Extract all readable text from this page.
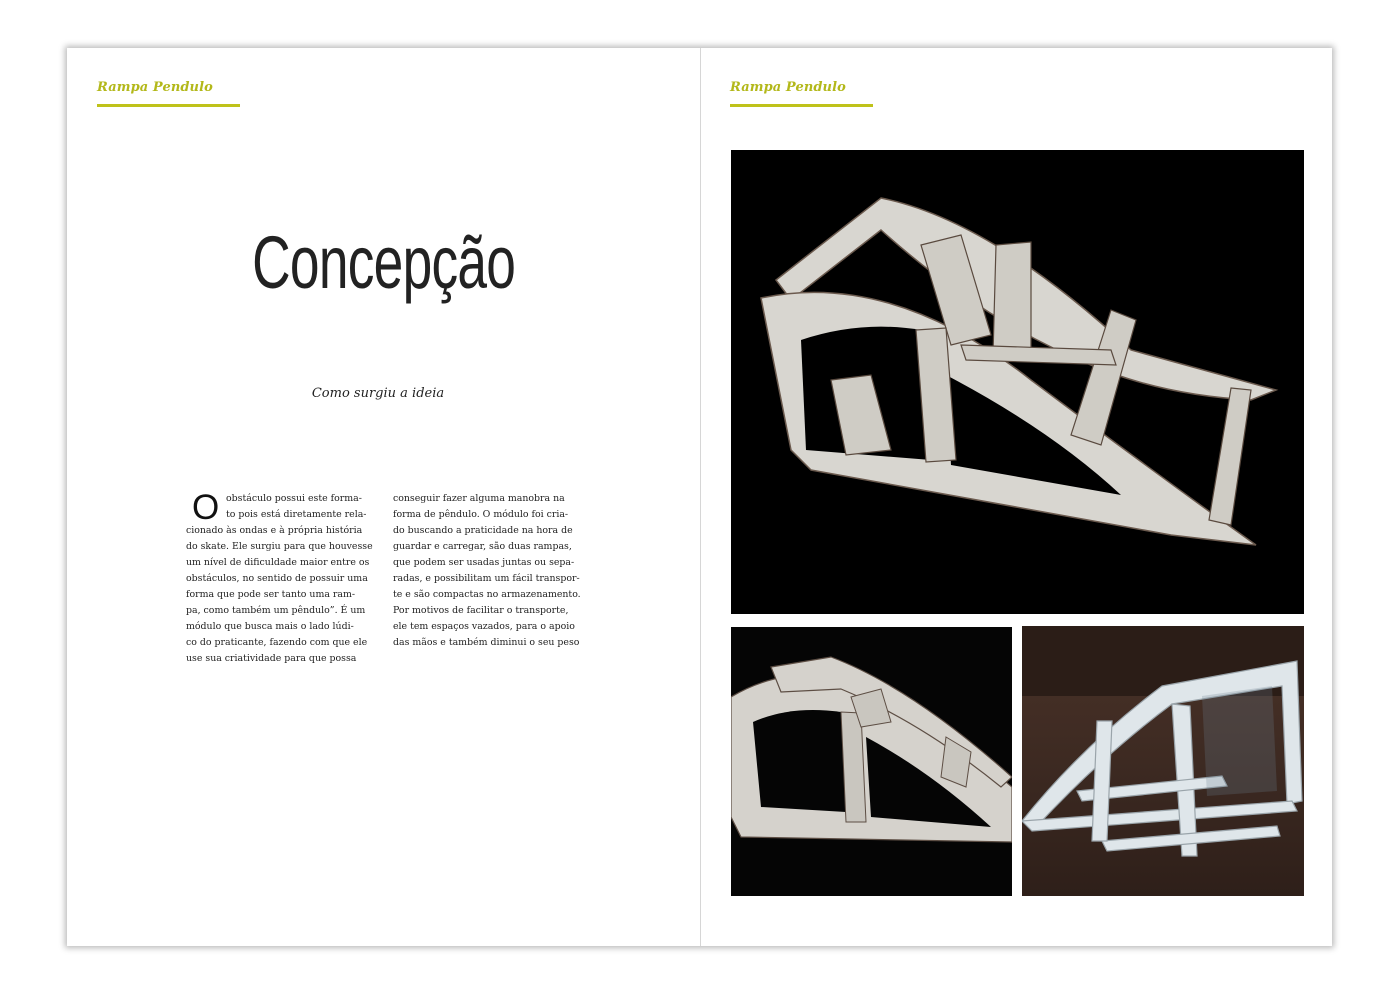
Rampa Pendulo
Concepção
Como surgiu a ideia
O obstáculo possui este forma-
to pois está diretamente rela-
cionado às ondas e à própria história
do skate. Ele surgiu para que houvesse
um nível de dificuldade maior entre os
obstáculos, no sentido de possuir uma
forma que pode ser tanto uma ram-
pa, como também um pêndulo”. É um
módulo que busca mais o lado lúdi-
co do praticante, fazendo com que ele
use sua criatividade para que possa
conseguir fazer alguma manobra na
forma de pêndulo. O módulo foi cria-
do buscando a praticidade na hora de
guardar e carregar, são duas rampas,
que podem ser usadas juntas ou sepa-
radas, e possibilitam um fácil transpor-
te e são compactas no armazenamento.
Por motivos de facilitar o transporte,
ele tem espaços vazados, para o apoio
das mãos e também diminui o seu peso
Rampa Pendulo
